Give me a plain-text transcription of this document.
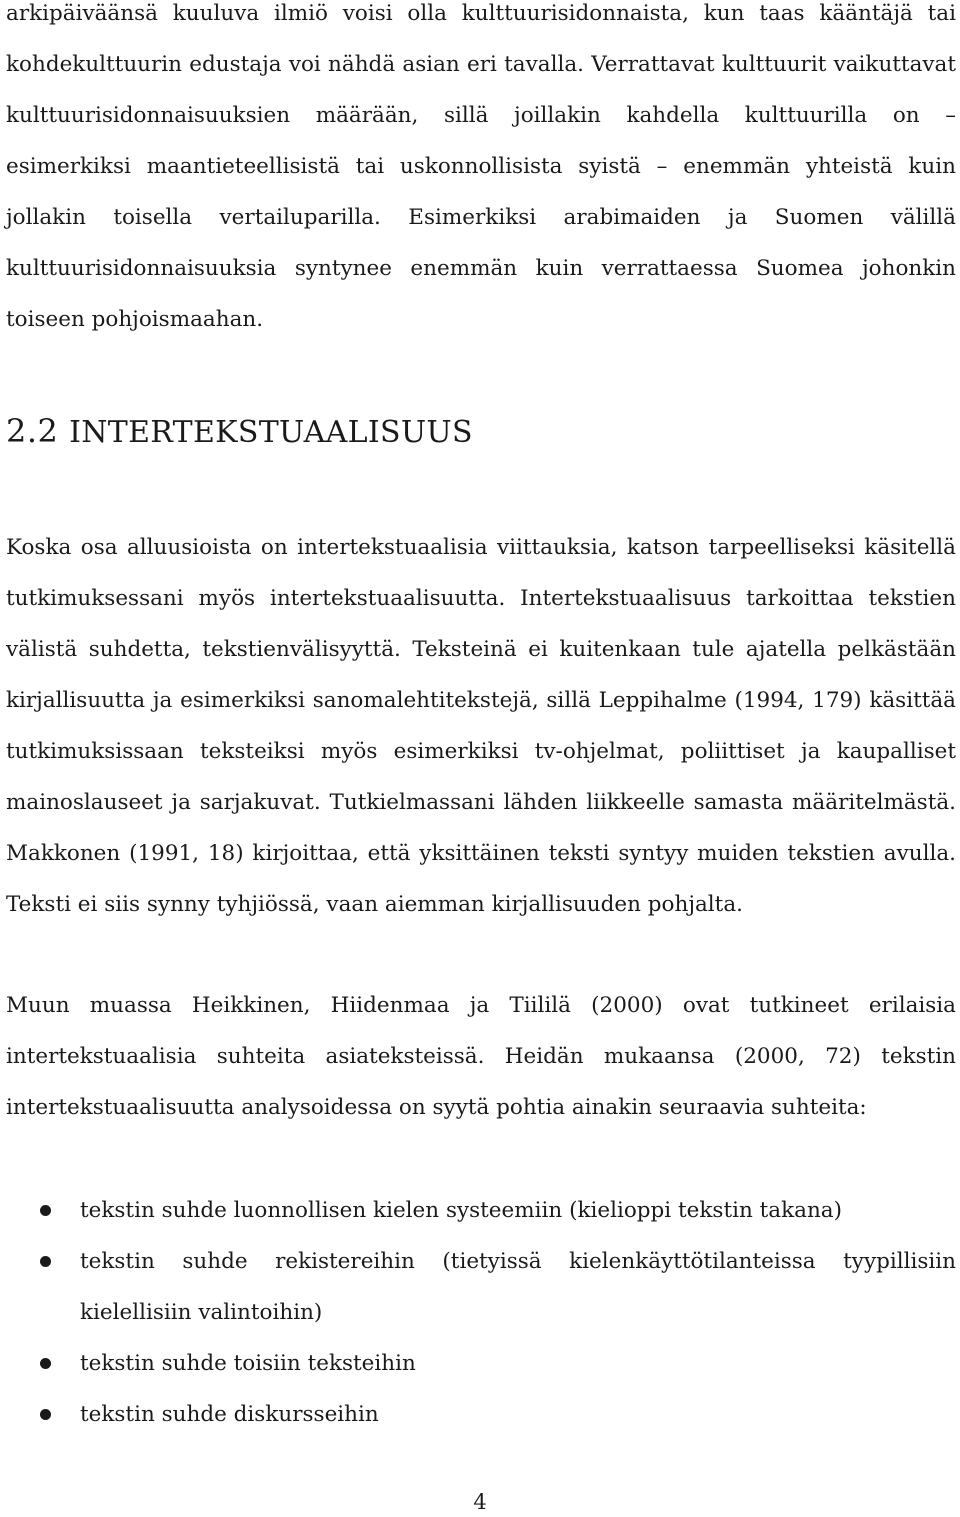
arkipäiväänsä kuuluva ilmiö voisi olla kulttuurisidonnaista, kun taas kääntäjä tai kohdekulttuurin edustaja voi nähdä asian eri tavalla. Verrattavat kulttuurit vaikuttavat kulttuurisidonnaisuuksien määrään, sillä joillakin kahdella kulttuurilla on – esimerkiksi maantieteellisistä tai uskonnollisista syistä – enemmän yhteistä kuin jollakin toisella vertailuparilla. Esimerkiksi arabimaiden ja Suomen välillä kulttuurisidonnaisuuksia syntynee enemmän kuin verrattaessa Suomea johonkin toiseen pohjoismaahan.

2.2 INTERTEKSTUAALISUUS

Koska osa alluusioista on intertekstuaalisia viittauksia, katson tarpeelliseksi käsitellä tutkimuksessani myös intertekstuaalisuutta. Intertekstuaalisuus tarkoittaa tekstien välistä suhdetta, tekstienvälisyyttä. Teksteinä ei kuitenkaan tule ajatella pelkästään kirjallisuutta ja esimerkiksi sanomalehtitekstejä, sillä Leppihalme (1994, 179) käsittää tutkimuksissaan teksteiksi myös esimerkiksi tv-ohjelmat, poliittiset ja kaupalliset mainoslauseet ja sarjakuvat. Tutkielmassani lähden liikkeelle samasta määritelmästä. Makkonen (1991, 18) kirjoittaa, että yksittäinen teksti syntyy muiden tekstien avulla. Teksti ei siis synny tyhjiössä, vaan aiemman kirjallisuuden pohjalta.

Muun muassa Heikkinen, Hiidenmaa ja Tiililä (2000) ovat tutkineet erilaisia intertekstuaalisia suhteita asiateksteissä. Heidän mukaansa (2000, 72) tekstin intertekstuaalisuutta analysoidessa on syytä pohtia ainakin seuraavia suhteita:

tekstin suhde luonnollisen kielen systeemiin (kielioppi tekstin takana)
tekstin suhde rekistereihin (tietyissä kielenkäyttötilanteissa tyypillisiin kielellisiin valintoihin)
tekstin suhde toisiin teksteihin
tekstin suhde diskursseihin
4
